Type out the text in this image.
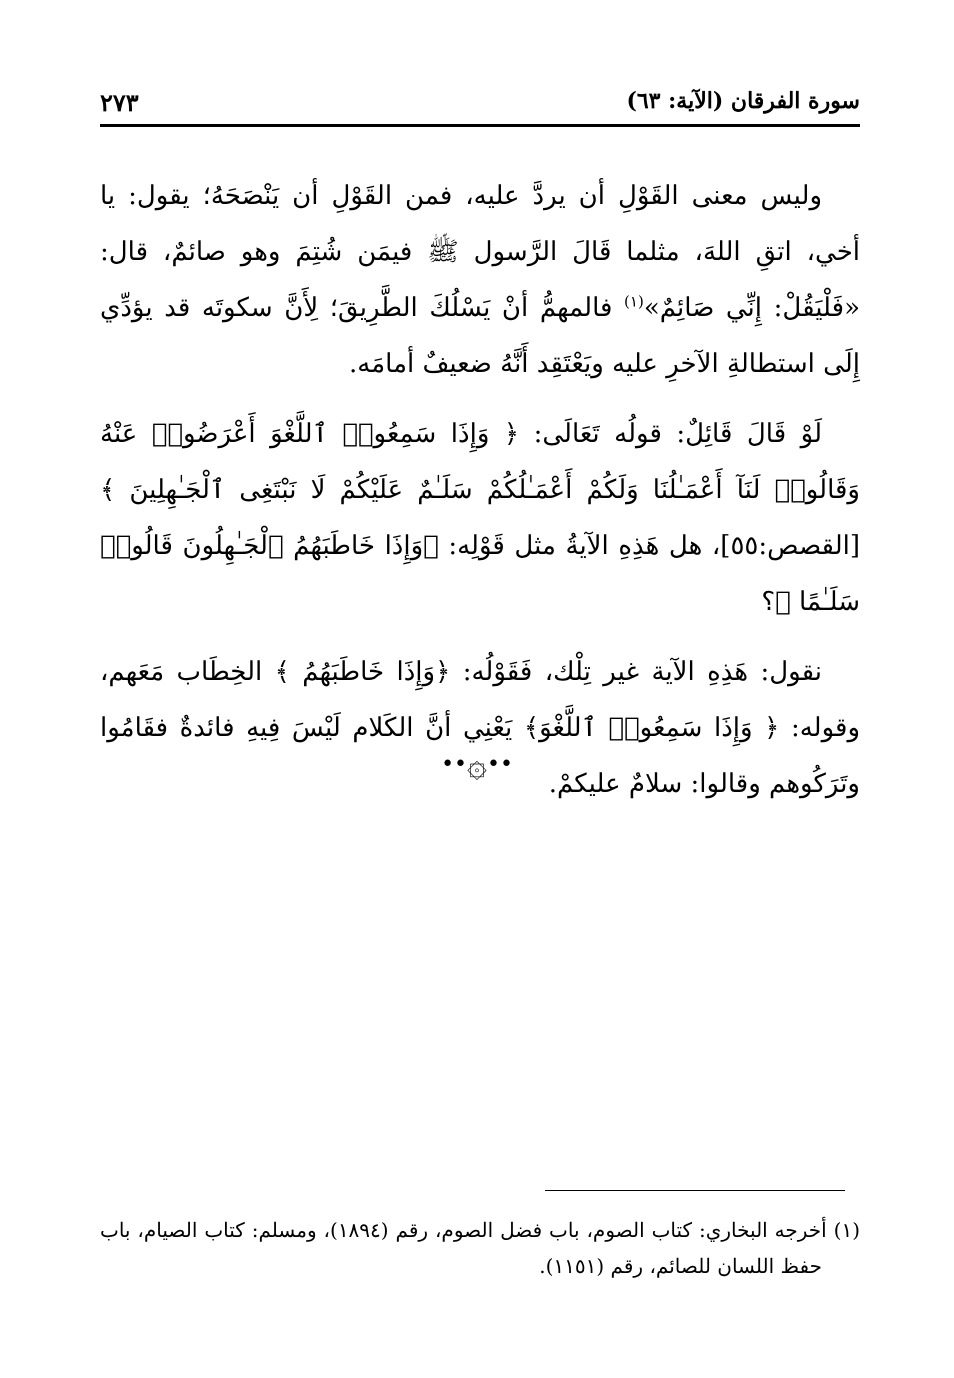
سورة الفرقان (الآية: ٦٣)
٢٧٣

وليس معنى القَوْلِ أن يردَّ عليه، فمن القَوْلِ أن يَنْصَحَهُ؛ يقول: يا أخي، اتقِ اللهَ، مثلما قَالَ الرَّسول ﷺ فيمَن شُتِمَ وهو صائمٌ، قال: «فَلْيَقُلْ: إِنِّي صَائِمٌ»$^{(١)}$ فالمهمُّ أنْ يَسْلُكَ الطَّرِيقَ؛ لِأَنَّ سكوتَه قد يؤدِّي إِلَى استطالةِ الآخرِ عليه ويَعْتَقِد أَنَّهُ ضعيفٌ أمامَه.

لَوْ قَالَ قَائِلٌ: قولُه تَعَالَى: ﴿ وَإِذَا سَمِعُوا۟ ٱللَّغْوَ أَعْرَضُوا۟ عَنْهُ وَقَالُوا۟ لَنَآ أَعْمَـٰلُنَا وَلَكُمْ أَعْمَـٰلُكُمْ سَلَـٰمٌ عَلَيْكُمْ لَا نَبْتَغِى ٱلْجَـٰهِلِينَ ﴾ [القصص:٥٥]، هل هَذِهِ الآيةُ مثل قَوْلِه: ﴿وَإِذَا خَاطَبَهُمُ ٱلْجَـٰهِلُونَ قَالُوا۟ سَلَـٰمًا ﴾؟

نقول: هَذِهِ الآية غير تِلْك، فَقَوْلُه: ﴿وَإِذَا خَاطَبَهُمُ ﴾ الخِطَاب مَعَهم، وقوله: ﴿ وَإِذَا سَمِعُوا۟ ٱللَّغْوَ﴾ يَعْنِي أنَّ الكَلام لَيْسَ فِيهِ فائدةٌ فقَامُوا وتَرَكُوهم وقالوا: سلامٌ عليكمْ.

••۞••
(١) أخرجه البخاري: كتاب الصوم، باب فضل الصوم، رقم (١٨٩٤)، ومسلم: كتاب الصيام، باب حفظ اللسان للصائم، رقم (١١٥١).
